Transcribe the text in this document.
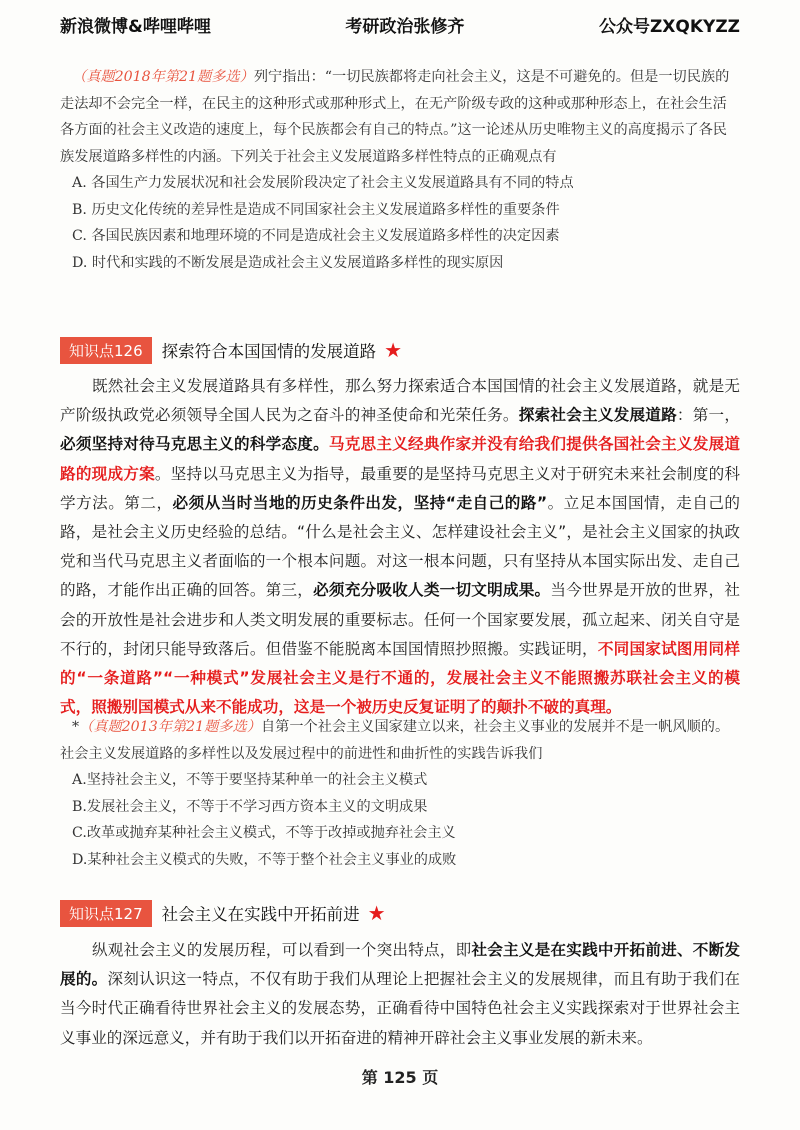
新浪微博&哔哩哔哩	考研政治张修齐	公众号ZXQKYZZ

（真题2018年第21题多选）列宁指出：“一切民族都将走向社会主义，这是不可避免的。但是一切民族的走法却不会完全一样，在民主的这种形式或那种形式上，在无产阶级专政的这种或那种形态上，在社会生活各方面的社会主义改造的速度上，每个民族都会有自己的特点。”这一论述从历史唯物主义的高度揭示了各民族发展道路多样性的内涵。下列关于社会主义发展道路多样性特点的正确观点有

A. 各国生产力发展状况和社会发展阶段决定了社会主义发展道路具有不同的特点

B. 历史文化传统的差异性是造成不同国家社会主义发展道路多样性的重要条件

C. 各国民族因素和地理环境的不同是造成社会主义发展道路多样性的决定因素

D. 时代和实践的不断发展是造成社会主义发展道路多样性的现实原因

知识点126	探索符合本国国情的发展道路 ★
既然社会主义发展道路具有多样性，那么努力探索适合本国国情的社会主义发展道路，就是无产阶级执政党必须领导全国人民为之奋斗的神圣使命和光荣任务。探索社会主义发展道路：第一，必须坚持对待马克思主义的科学态度。马克思主义经典作家并没有给我们提供各国社会主义发展道路的现成方案。坚持以马克思主义为指导，最重要的是坚持马克思主义对于研究未来社会制度的科学方法。第二，必须从当时当地的历史条件出发，坚持“走自己的路”。立足本国国情，走自己的路，是社会主义历史经验的总结。“什么是社会主义、怎样建设社会主义”，是社会主义国家的执政党和当代马克思主义者面临的一个根本问题。对这一根本问题，只有坚持从本国实际出发、走自己的路，才能作出正确的回答。第三，必须充分吸收人类一切文明成果。当今世界是开放的世界，社会的开放性是社会进步和人类文明发展的重要标志。任何一个国家要发展，孤立起来、闭关自守是不行的，封闭只能导致落后。但借鉴不能脱离本国国情照抄照搬。实践证明，不同国家试图用同样的“一条道路”“一种模式”发展社会主义是行不通的，发展社会主义不能照搬苏联社会主义的模式，照搬别国模式从来不能成功，这是一个被历史反复证明了的颠扑不破的真理。

*（真题2013年第21题多选）自第一个社会主义国家建立以来，社会主义事业的发展并不是一帆风顺的。社会主义发展道路的多样性以及发展过程中的前进性和曲折性的实践告诉我们

A.坚持社会主义，不等于要坚持某种单一的社会主义模式

B.发展社会主义，不等于不学习西方资本主义的文明成果

C.改革或抛弃某种社会主义模式，不等于改掉或抛弃社会主义

D.某种社会主义模式的失败，不等于整个社会主义事业的成败

知识点127	社会主义在实践中开拓前进 ★
纵观社会主义的发展历程，可以看到一个突出特点，即社会主义是在实践中开拓前进、不断发展的。深刻认识这一特点，不仅有助于我们从理论上把握社会主义的发展规律，而且有助于我们在当今时代正确看待世界社会主义的发展态势，正确看待中国特色社会主义实践探索对于世界社会主义事业的深远意义，并有助于我们以开拓奋进的精神开辟社会主义事业发展的新未来。
第 125 页
